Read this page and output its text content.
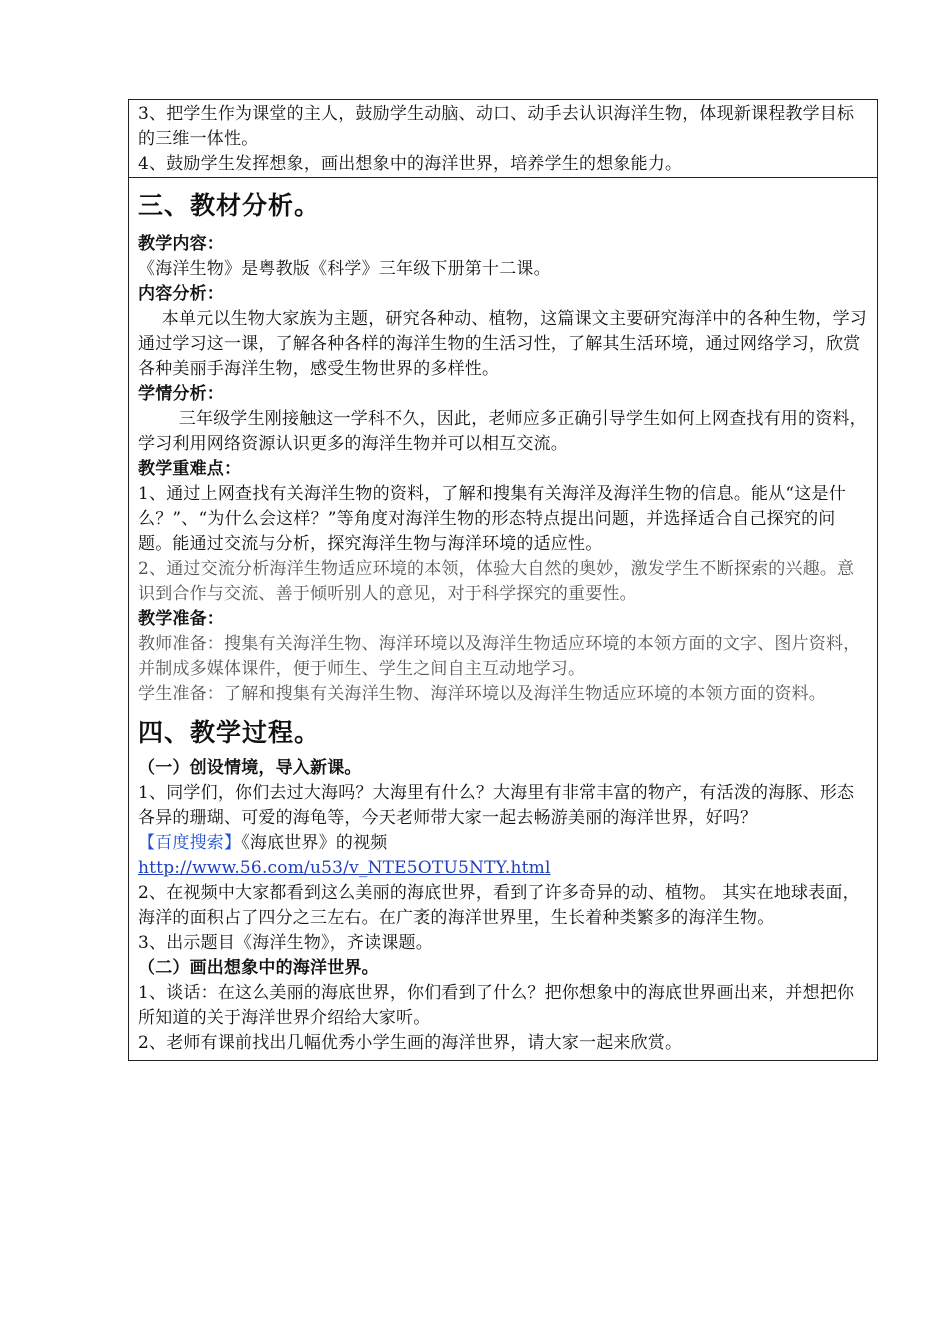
3、把学生作为课堂的主人，鼓励学生动脑、动口、动手去认识海洋生物，体现新课程教学目标的三维一体性。

4、鼓励学生发挥想象，画出想象中的海洋世界，培养学生的想象能力。

三、教材分析。

教学内容：

《海洋生物》是粤教版《科学》三年级下册第十二课。

内容分析：

本单元以生物大家族为主题，研究各种动、植物，这篇课文主要研究海洋中的各种生物，学习通过学习这一课，了解各种各样的海洋生物的生活习性，了解其生活环境，通过网络学习，欣赏各种美丽手海洋生物，感受生物世界的多样性。

学情分析：

三年级学生刚接触这一学科不久，因此，老师应多正确引导学生如何上网查找有用的资料， 学习利用网络资源认识更多的海洋生物并可以相互交流。

教学重难点：

1、通过上网查找有关海洋生物的资料，了解和搜集有关海洋及海洋生物的信息。能从“这是什么？”、“为什么会这样？”等角度对海洋生物的形态特点提出问题，并选择适合自己探究的问题。能通过交流与分析，探究海洋生物与海洋环境的适应性。

2、通过交流分析海洋生物适应环境的本领，体验大自然的奥妙，激发学生不断探索的兴趣。意识到合作与交流、善于倾听别人的意见，对于科学探究的重要性。

教学准备：

教师准备：搜集有关海洋生物、海洋环境以及海洋生物适应环境的本领方面的文字、图片资料，并制成多媒体课件，便于师生、学生之间自主互动地学习。

学生准备：了解和搜集有关海洋生物、海洋环境以及海洋生物适应环境的本领方面的资料。

四、教学过程。

（一）创设情境，导入新课。

1、同学们，你们去过大海吗？大海里有什么？大海里有非常丰富的物产，有活泼的海豚、形态各异的珊瑚、可爱的海龟等，今天老师带大家一起去畅游美丽的海洋世界，好吗？

【百度搜索】《海底世界》的视频

http://www.56.com/u53/v_NTE5OTU5NTY.html

2、在视频中大家都看到这么美丽的海底世界，看到了许多奇异的动、植物。 其实在地球表面，海洋的面积占了四分之三左右。在广袤的海洋世界里，生长着种类繁多的海洋生物。

3、出示题目《海洋生物》，齐读课题。

（二）画出想象中的海洋世界。

1、谈话：在这么美丽的海底世界，你们看到了什么？把你想象中的海底世界画出来，并想把你所知道的关于海洋世界介绍给大家听。

2、老师有课前找出几幅优秀小学生画的海洋世界，请大家一起来欣赏。
